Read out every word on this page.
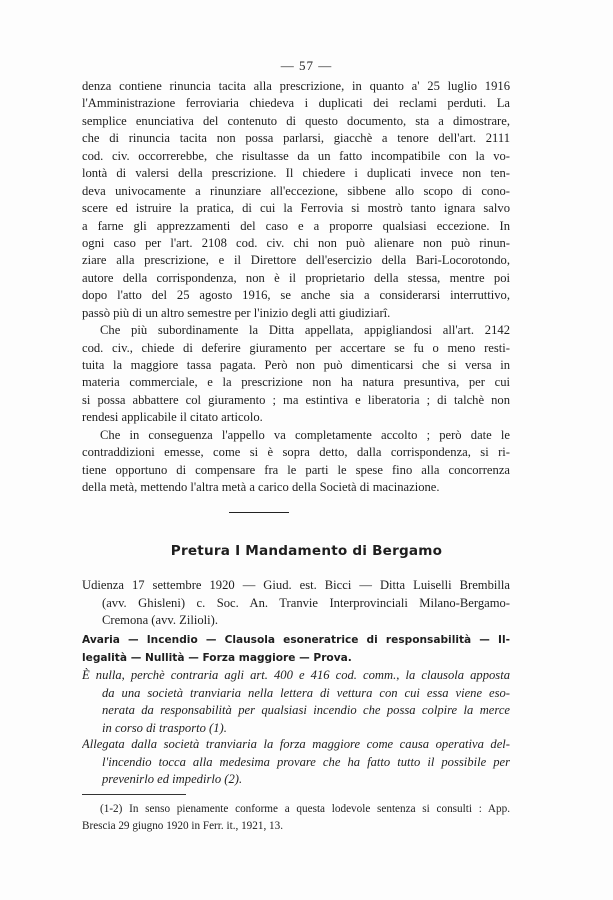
— 57 —
denza contiene rinuncia tacita alla prescrizione, in quanto a' 25 luglio 1916
l'Amministrazione ferroviaria chiedeva i duplicati dei reclami perduti. La
semplice enunciativa del contenuto di questo documento, sta a dimostrare,
che di rinuncia tacita non possa parlarsi, giacchè a tenore dell'art. 2111
cod. civ. occorrerebbe, che risultasse da un fatto incompatibile con la vo-
lontà di valersi della prescrizione. Il chiedere i duplicati invece non ten-
deva univocamente a rinunziare all'eccezione, sibbene allo scopo di cono-
scere ed istruire la pratica, di cui la Ferrovia si mostrò tanto ignara salvo
a farne gli apprezzamenti del caso e a proporre qualsiasi eccezione. In
ogni caso per l'art. 2108 cod. civ. chi non può alienare non può rinun-
ziare alla prescrizione, e il Direttore dell'esercizio della Bari-Locorotondo,
autore della corrispondenza, non è il proprietario della stessa, mentre poi
dopo l'atto del 25 agosto 1916, se anche sia a considerarsi interruttivo,
passò più di un altro semestre per l'inizio degli atti giudiziarî.
Che più subordinamente la Ditta appellata, appigliandosi all'art. 2142
cod. civ., chiede di deferire giuramento per accertare se fu o meno resti-
tuita la maggiore tassa pagata. Però non può dimenticarsi che si versa in
materia commerciale, e la prescrizione non ha natura presuntiva, per cui
si possa abbattere col giuramento ; ma estintiva e liberatoria ; di talchè non
rendesi applicabile il citato articolo.
Che in conseguenza l'appello va completamente accolto ; però date le
contraddizioni emesse, come si è sopra detto, dalla corrispondenza, si ri-
tiene opportuno di compensare fra le parti le spese fino alla concorrenza
della metà, mettendo l'altra metà a carico della Società di macinazione.
Pretura I Mandamento di Bergamo
Udienza 17 settembre 1920 — Giud. est. Bicci — Ditta Luiselli Brembilla
(avv. Ghisleni) c. Soc. An. Tranvie Interprovinciali Milano-Bergamo-
Cremona (avv. Zilioli).
Avaria — Incendio — Clausola esoneratrice di responsabilità — Il-
legalità — Nullità — Forza maggiore — Prova.
È nulla, perchè contraria agli art. 400 e 416 cod. comm., la clausola apposta
da una società tranviaria nella lettera di vettura con cui essa viene eso-
nerata da responsabilità per qualsiasi incendio che possa colpire la merce
in corso di trasporto (1).
Allegata dalla società tranviaria la forza maggiore come causa operativa del-
l'incendio tocca alla medesima provare che ha fatto tutto il possibile per
prevenirlo ed impedirlo (2).
(1-2) In senso pienamente conforme a questa lodevole sentenza si consulti : App.
Brescia 29 giugno 1920 in Ferr. it., 1921, 13.
